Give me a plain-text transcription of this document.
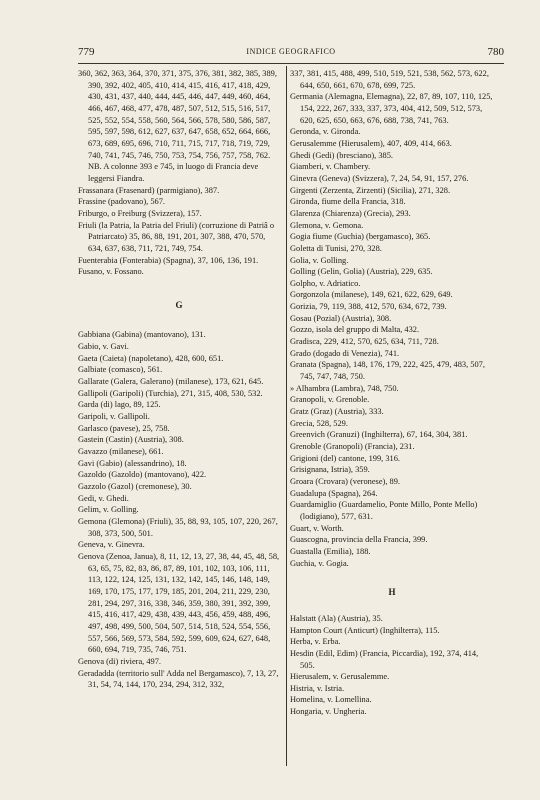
779	INDICE GEOGRAFICO	780
360, 362, 363, 364, 370, 371, 375, 376, 381, 382, 385, 389, 390, 392, 402, 405, 410, 414, 415, 416, 417, 418, 429, 430, 431, 437, 440, 444, 445, 446, 447, 449, 460, 464, 466, 467, 468, 477, 478, 487, 507, 512, 515, 516, 517, 525, 552, 554, 558, 560, 564, 566, 578, 580, 586, 587, 595, 597, 598, 612, 627, 637, 647, 658, 652, 664, 666, 673, 689, 695, 696, 710, 711, 715, 717, 718, 719, 729, 740, 741, 745, 746, 750, 753, 754, 756, 757, 758, 762. NB. A colonne 393 e 745, in luogo di Francia deve leggersi Fiandra.
Frassanara (Frasenard) (parmigiano), 387.
Frassine (padovano), 567.
Friburgo, o Freiburg (Svizzera), 157.
Friuli (la Patria, la Patria del Friuli) (corruzione di Patriâ o Patriarcato) 35, 86, 88, 191, 201, 307, 388, 470, 570, 634, 637, 638, 711, 721, 749, 754.
Fuenterabia (Fonterabia) (Spagna), 37, 106, 136, 191.
Fusano, v. Fossano.
G
Gabbiana (Gabina) (mantovano), 131.
Gabio, v. Gavi.
Gaeta (Caieta) (napoletano), 428, 600, 651.
Galbiate (comasco), 561.
Gallarate (Galera, Galerano) (milanese), 173, 621, 645.
Gallipoli (Garipoli) (Turchia), 271, 315, 408, 530, 532.
Garda (di) lago, 89, 125.
Garipoli, v. Gallipoli.
Garlasco (pavese), 25, 758.
Gastein (Castin) (Austria), 308.
Gavazzo (milanese), 661.
Gavi (Gabio) (alessandrino), 18.
Gazoldo (Gazoldo) (mantovano), 422.
Gazzolo (Gazol) (cremonese), 30.
Gedi, v. Ghedi.
Gelim, v. Golling.
Gemona (Glemona) (Friuli), 35, 88, 93, 105, 107, 220, 267, 308, 373, 500, 501.
Geneva, v. Ginevra.
Genova (Zenoa, Janua), 8, 11, 12, 13, 27, 38, 44, 45, 48, 58, 63, 65, 75, 82, 83, 86, 87, 89, 101, 102, 103, 106, 111, 113, 122, 124, 125, 131, 132, 142, 145, 146, 148, 149, 169, 170, 175, 177, 179, 185, 201, 204, 211, 229, 230, 281, 294, 297, 316, 338, 346, 359, 380, 391, 392, 399, 415, 416, 417, 429, 438, 439, 443, 456, 459, 488, 496, 497, 498, 499, 500, 504, 507, 514, 518, 524, 554, 556, 557, 566, 569, 573, 584, 592, 599, 609, 624, 627, 648, 660, 694, 719, 735, 746, 751.
Genova (di) riviera, 497.
Geradadda (territorio sull' Adda nel Bergamasco), 7, 13, 27, 31, 54, 74, 144, 170, 234, 294, 312, 332,
337, 381, 415, 488, 499, 510, 519, 521, 538, 562, 573, 622, 644, 650, 661, 670, 678, 699, 725.
Germania (Alemagna, Elemagna), 22, 87, 89, 107, 110, 125, 154, 222, 267, 333, 337, 373, 404, 412, 509, 512, 573, 620, 625, 650, 663, 676, 688, 738, 741, 763.
Geronda, v. Gironda.
Gerusalemme (Hierusalem), 407, 409, 414, 663.
Ghedi (Gedi) (bresciano), 385.
Giamberi, v. Chambery.
Ginevra (Geneva) (Svizzera), 7, 24, 54, 91, 157, 276.
Girgenti (Zerzenta, Zirzenti) (Sicilia), 271, 328.
Gironda, fiume della Francia, 318.
Glarenza (Chiarenza) (Grecia), 293.
Glemona, v. Gemona.
Gogia fiume (Guchia) (bergamasco), 365.
Goletta di Tunisi, 270, 328.
Golia, v. Golling.
Golling (Gelin, Golia) (Austria), 229, 635.
Golpho, v. Adriatico.
Gorgonzola (milanese), 149, 621, 622, 629, 649.
Gorizia, 79, 119, 388, 412, 570, 634, 672, 739.
Gosau (Pozial) (Austria), 308.
Gozzo, isola del gruppo di Malta, 432.
Gradisca, 229, 412, 570, 625, 634, 711, 728.
Grado (dogado di Venezia), 741.
Granata (Spagna), 148, 176, 179, 222, 425, 479, 483, 507, 745, 747, 748, 750.
» Alhambra (Lambra), 748, 750.
Granopoli, v. Grenoble.
Gratz (Graz) (Austria), 333.
Grecia, 528, 529.
Greenvich (Granuzi) (Inghilterra), 67, 164, 304, 381.
Grenoble (Granopoli) (Francia), 231.
Grigioni (del) cantone, 199, 316.
Grisignana, Istria), 359.
Groara (Crovara) (veronese), 89.
Guadalupa (Spagna), 264.
Guardamiglio (Guardamelio, Ponte Millo, Ponte Mello) (lodigiano), 577, 631.
Guart, v. Worth.
Guascogna, provincia della Francia, 399.
Guastalla (Emilia), 188.
Guchia, v. Gogia.
H
Halstatt (Ala) (Austria), 35.
Hampton Court (Anticurt) (Inghilterra), 115.
Herba, v. Erba.
Hesdin (Edil, Edim) (Francia, Piccardia), 192, 374, 414, 505.
Hierusalem, v. Gerusalemme.
Histria, v. Istria.
Homelina, v. Lomellina.
Hongaria, v. Ungheria.
